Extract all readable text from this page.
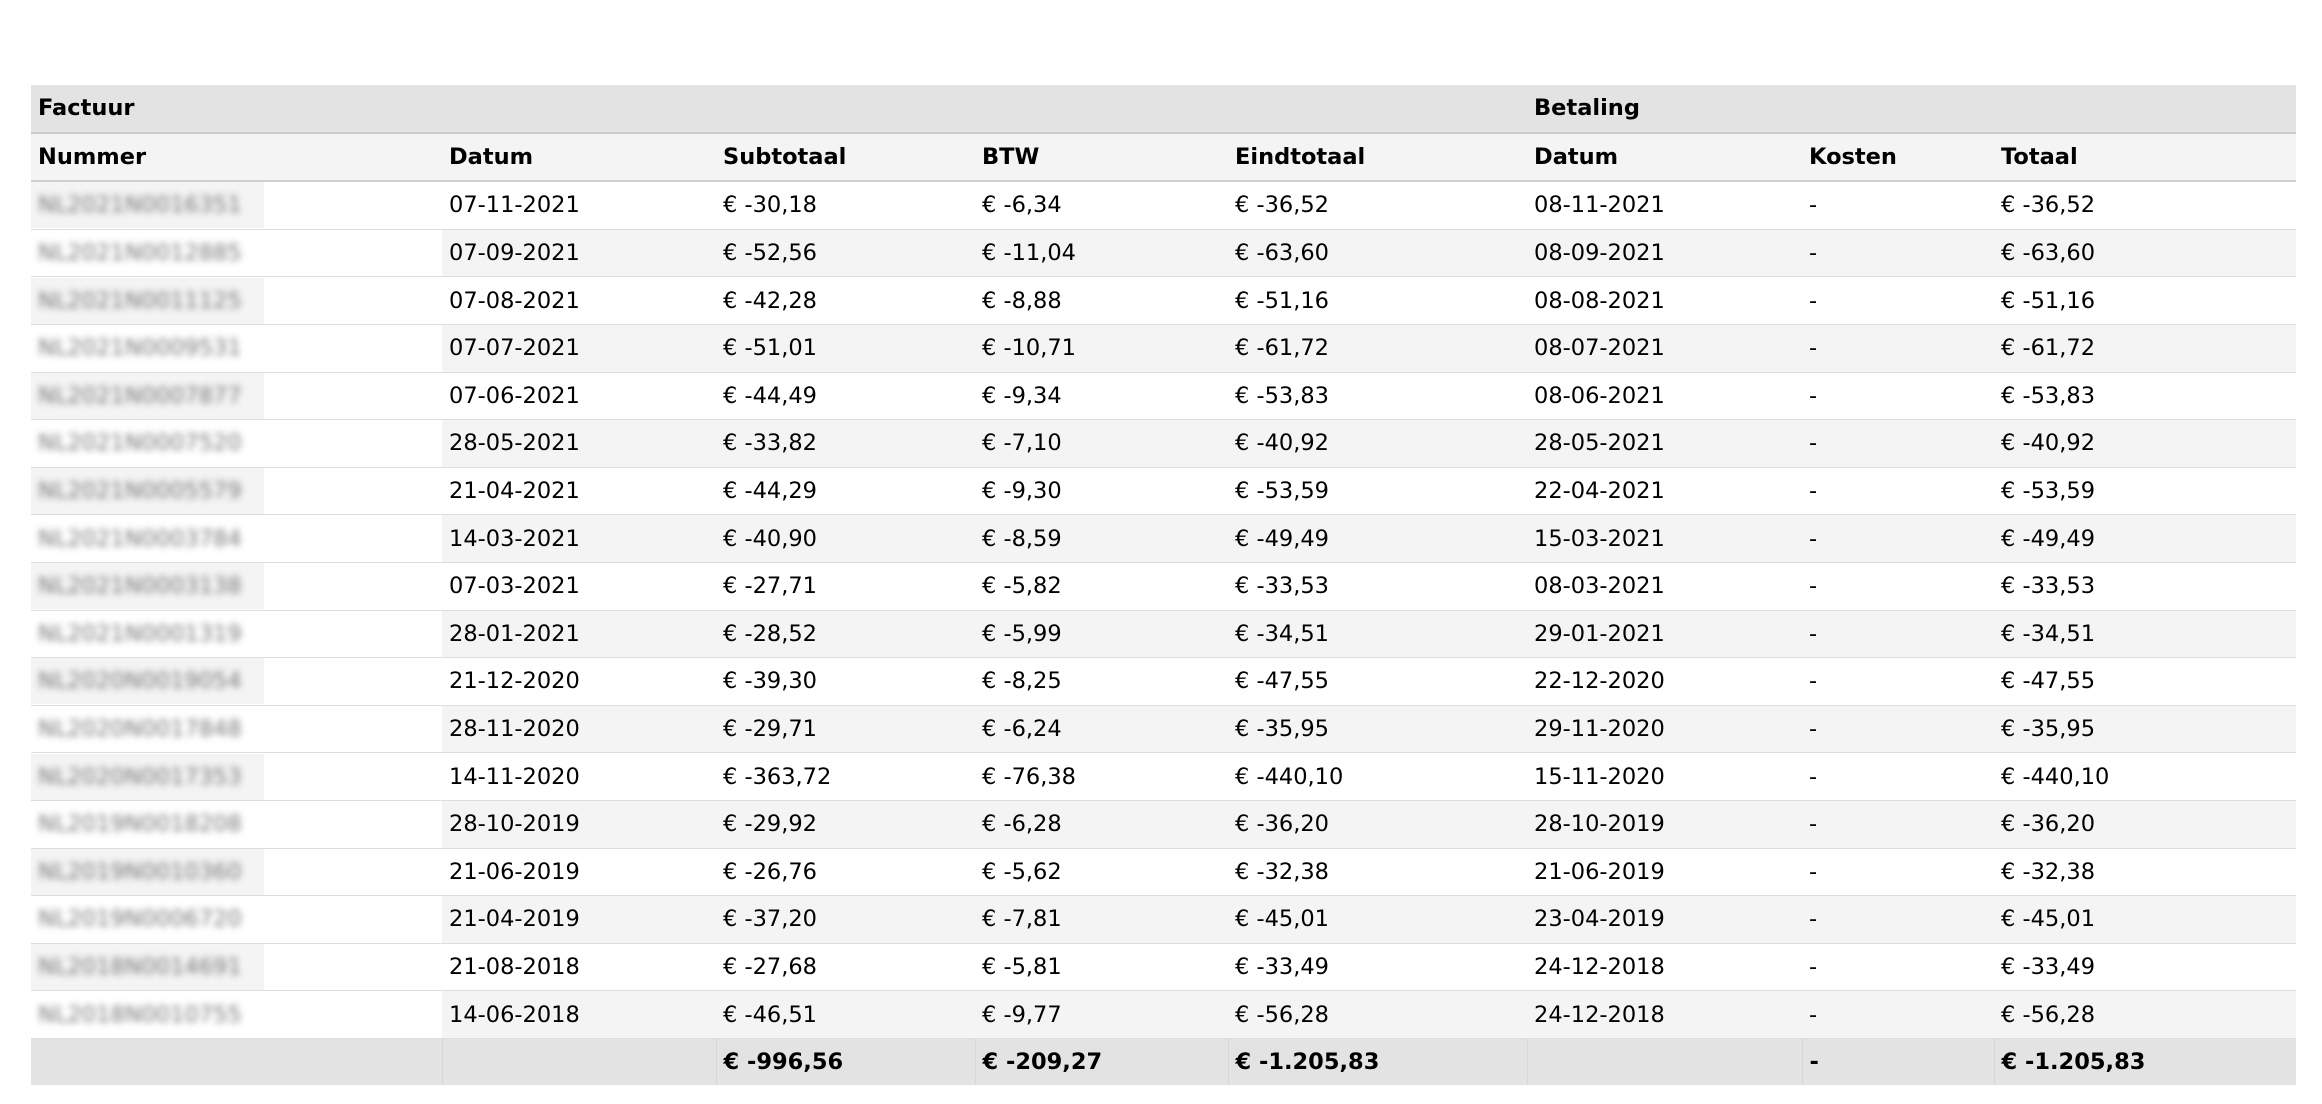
Factuur					Betaling		
Nummer	Datum	Subtotaal	BTW	Eindtotaal	Datum	Kosten	Totaal
NL2021N0016351	07-11-2021	€ -30,18	€ -6,34	€ -36,52	08-11-2021	-	€ -36,52
NL2021N0012885	07-09-2021	€ -52,56	€ -11,04	€ -63,60	08-09-2021	-	€ -63,60
NL2021N0011125	07-08-2021	€ -42,28	€ -8,88	€ -51,16	08-08-2021	-	€ -51,16
NL2021N0009531	07-07-2021	€ -51,01	€ -10,71	€ -61,72	08-07-2021	-	€ -61,72
NL2021N0007877	07-06-2021	€ -44,49	€ -9,34	€ -53,83	08-06-2021	-	€ -53,83
NL2021N0007520	28-05-2021	€ -33,82	€ -7,10	€ -40,92	28-05-2021	-	€ -40,92
NL2021N0005579	21-04-2021	€ -44,29	€ -9,30	€ -53,59	22-04-2021	-	€ -53,59
NL2021N0003784	14-03-2021	€ -40,90	€ -8,59	€ -49,49	15-03-2021	-	€ -49,49
NL2021N0003138	07-03-2021	€ -27,71	€ -5,82	€ -33,53	08-03-2021	-	€ -33,53
NL2021N0001319	28-01-2021	€ -28,52	€ -5,99	€ -34,51	29-01-2021	-	€ -34,51
NL2020N0019054	21-12-2020	€ -39,30	€ -8,25	€ -47,55	22-12-2020	-	€ -47,55
NL2020N0017848	28-11-2020	€ -29,71	€ -6,24	€ -35,95	29-11-2020	-	€ -35,95
NL2020N0017353	14-11-2020	€ -363,72	€ -76,38	€ -440,10	15-11-2020	-	€ -440,10
NL2019N0018208	28-10-2019	€ -29,92	€ -6,28	€ -36,20	28-10-2019	-	€ -36,20
NL2019N0010360	21-06-2019	€ -26,76	€ -5,62	€ -32,38	21-06-2019	-	€ -32,38
NL2019N0006720	21-04-2019	€ -37,20	€ -7,81	€ -45,01	23-04-2019	-	€ -45,01
NL2018N0014691	21-08-2018	€ -27,68	€ -5,81	€ -33,49	24-12-2018	-	€ -33,49
NL2018N0010755	14-06-2018	€ -46,51	€ -9,77	€ -56,28	24-12-2018	-	€ -56,28
		€ -996,56	€ -209,27	€ -1.205,83		-	€ -1.205,83
